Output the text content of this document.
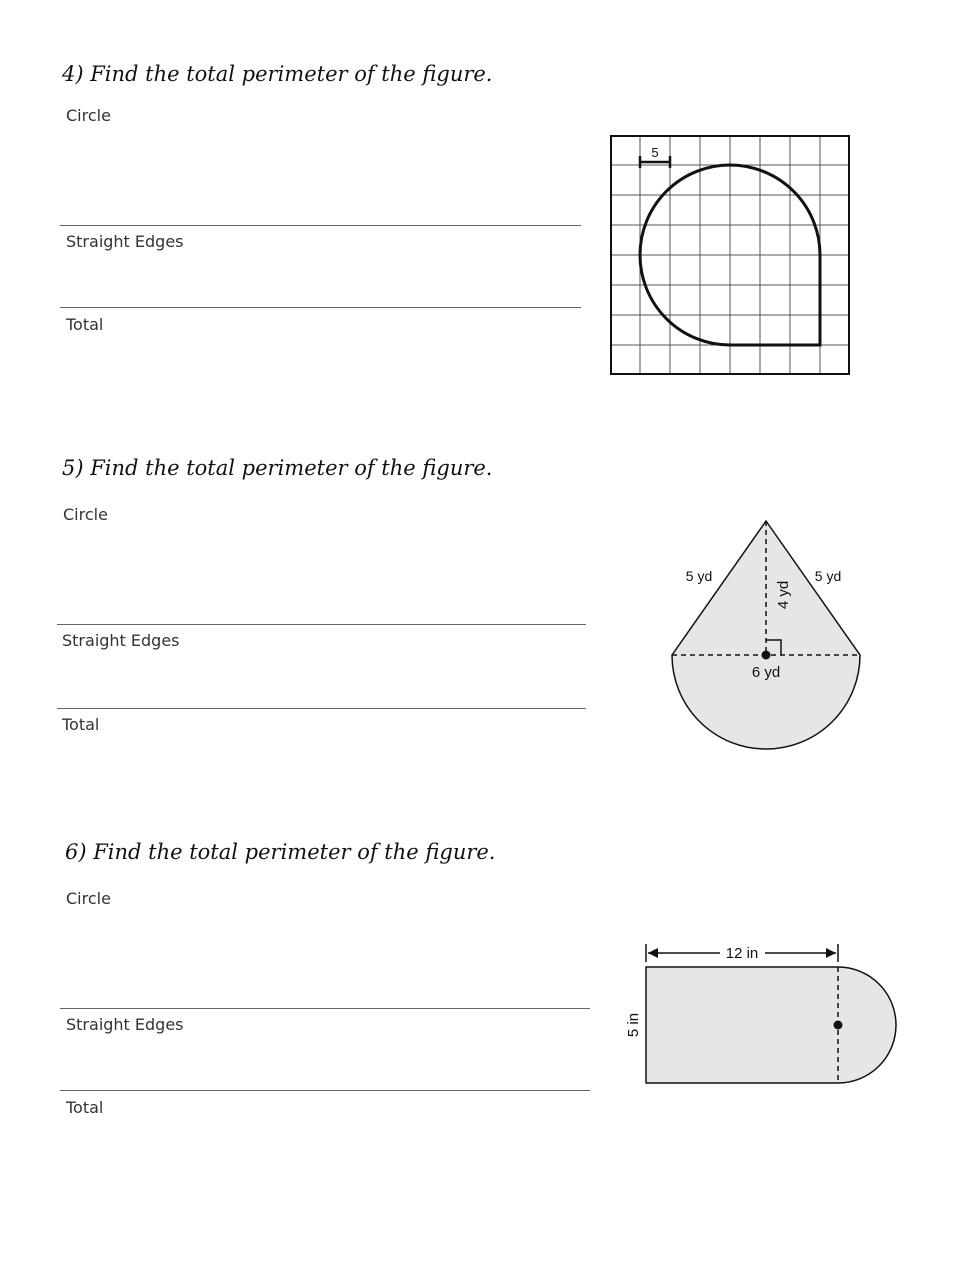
4) Find the total perimeter of the figure.
Circle
Straight Edges
Total
5
5) Find the total perimeter of the figure.
Circle
Straight Edges
Total
5 yd	5 yd
4 yd
6 yd
6) Find the total perimeter of the figure.
Circle
Straight Edges
Total
12 in
5 in
